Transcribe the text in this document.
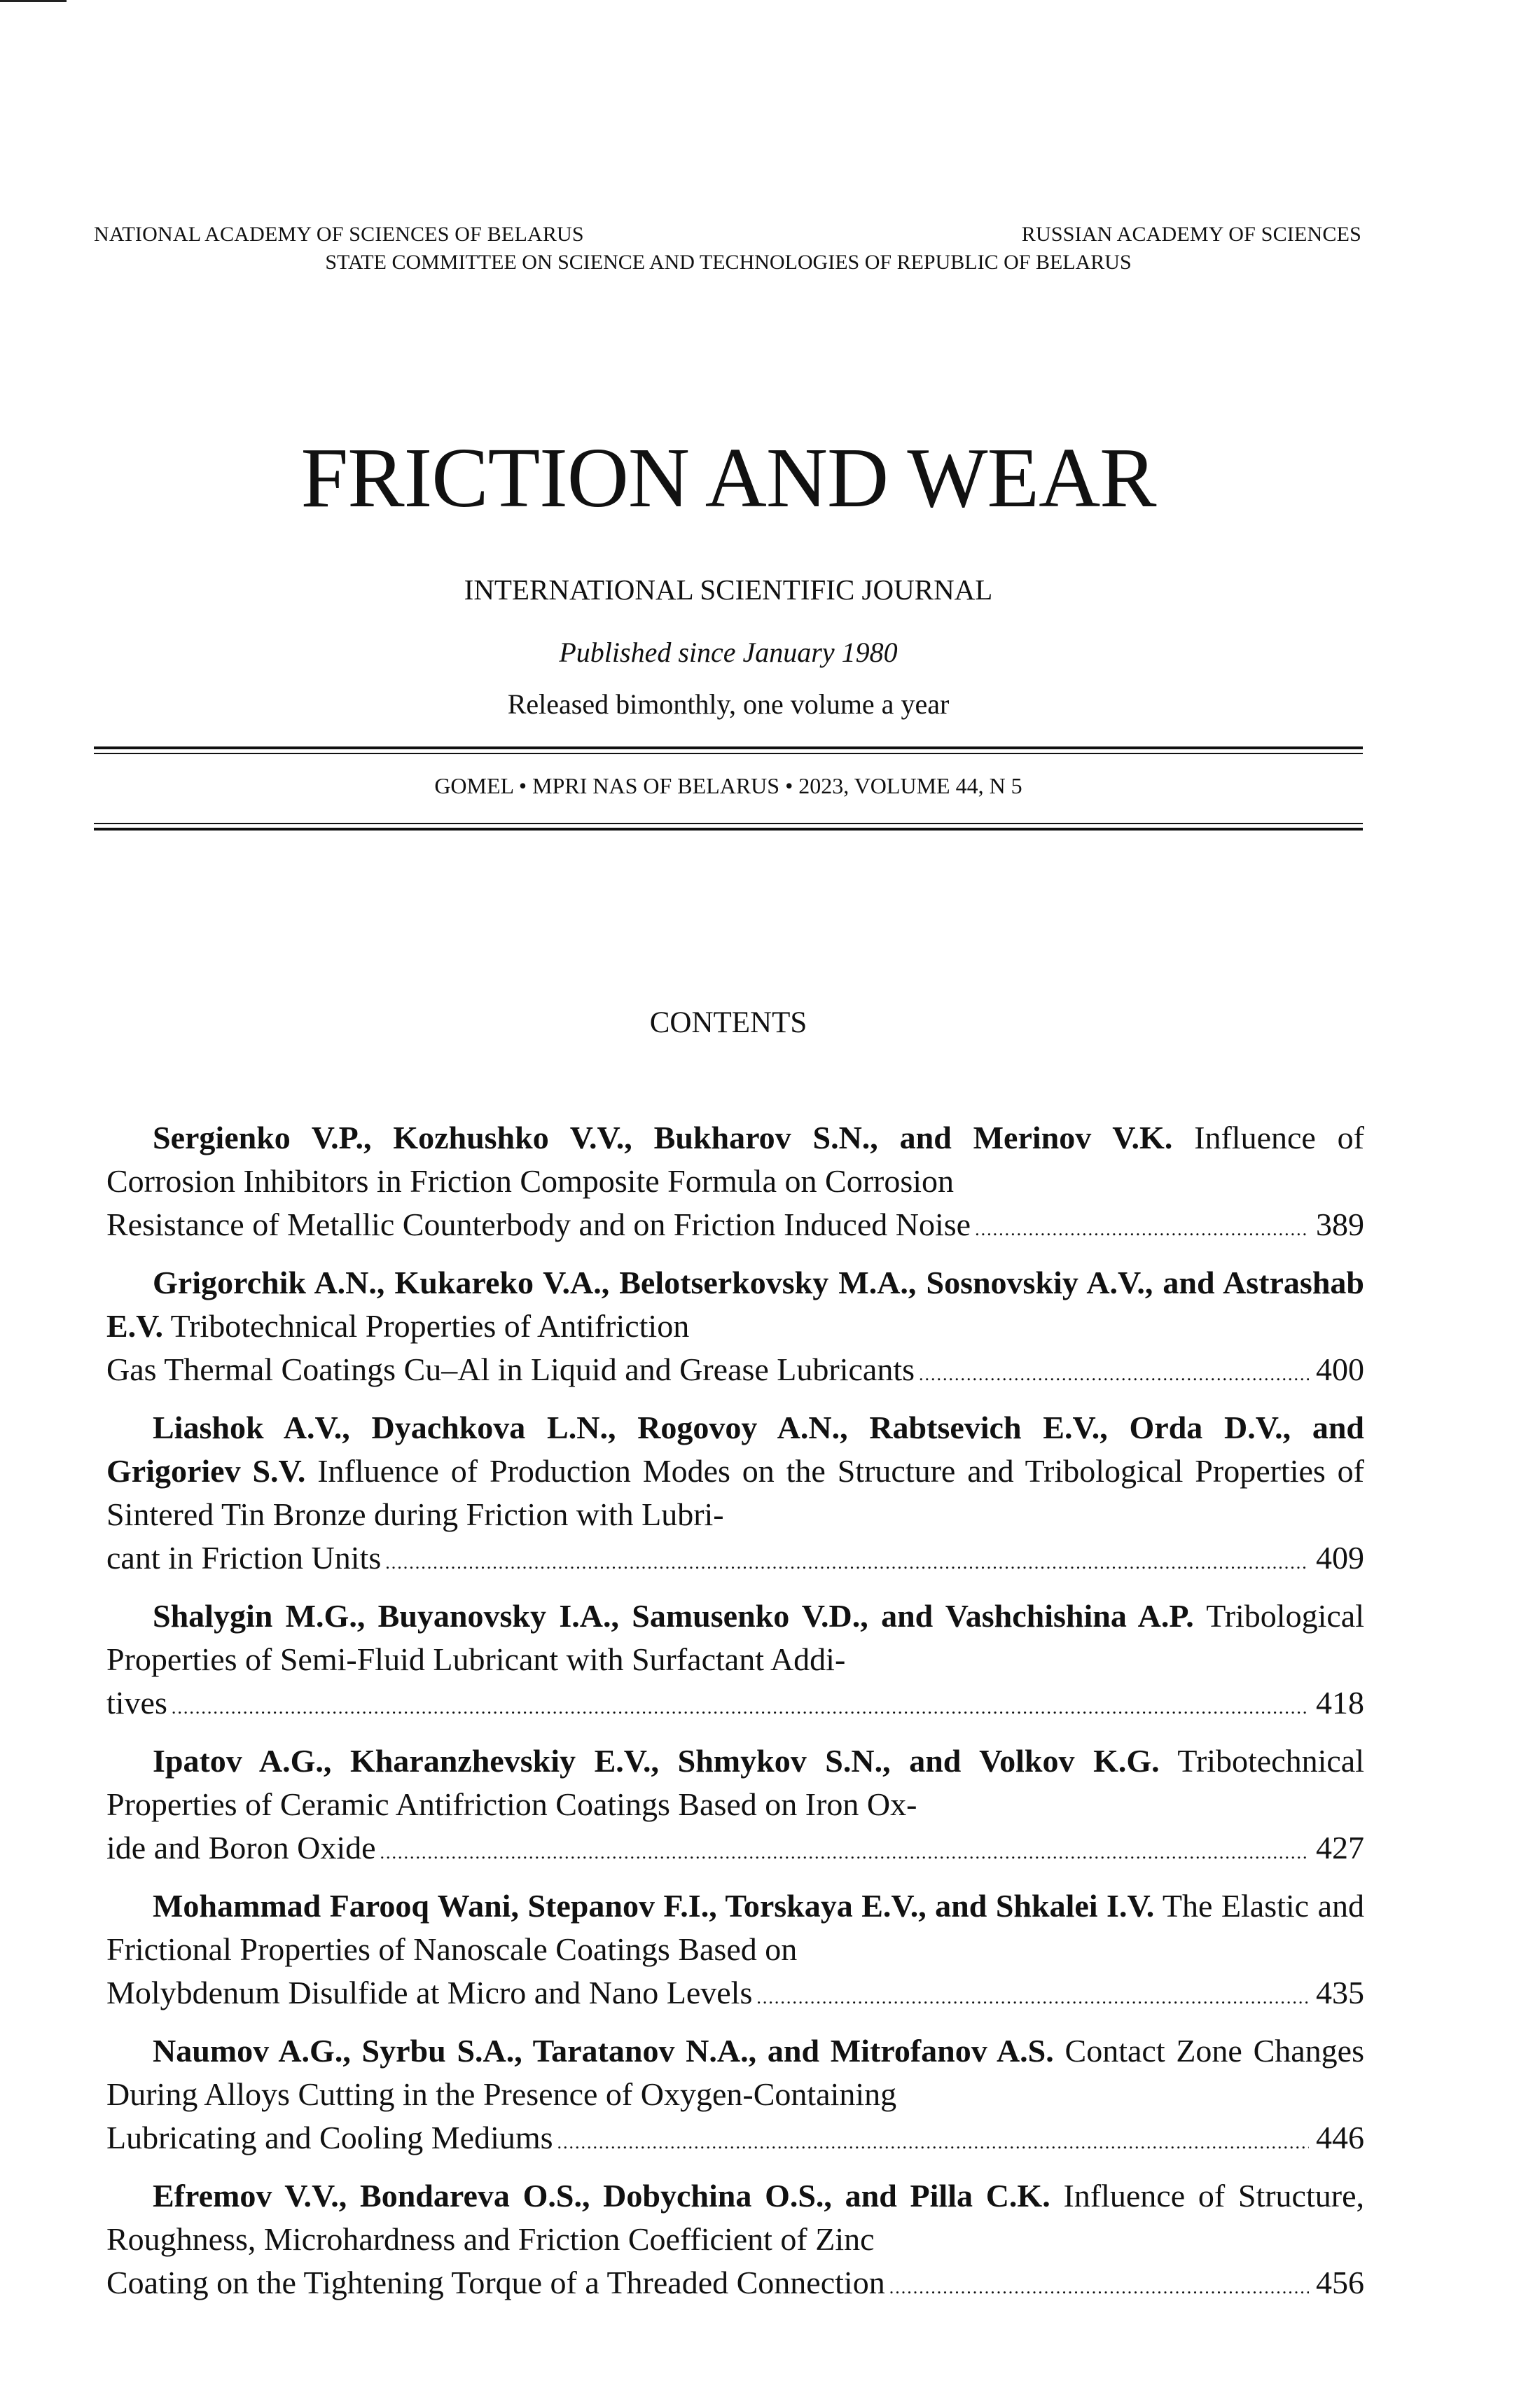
NATIONAL ACADEMY OF SCIENCES OF BELARUS	RUSSIAN ACADEMY OF SCIENCES
STATE COMMITTEE ON SCIENCE AND TECHNOLOGIES OF REPUBLIC OF BELARUS
FRICTION AND WEAR
INTERNATIONAL SCIENTIFIC JOURNAL
Published since January 1980
Released bimonthly, one volume a year
GOMEL • MPRI NAS OF BELARUS • 2023, VOLUME 44, N 5
CONTENTS
Sergienko V.P., Kozhushko V.V., Bukharov S.N., and Merinov V.K. Influence of Corrosion Inhibitors in Friction Composite Formula on Corrosion
Resistance of Metallic Counterbody and on Friction Induced Noise .....	389
Grigorchik A.N., Kukareko V.A., Belotserkovsky M.A., Sosnovskiy A.V., and Astrashab E.V. Tribotechnical Properties of Antifriction
Gas Thermal Coatings Cu–Al in Liquid and Grease Lubricants .....	400
Liashok A.V., Dyachkova L.N., Rogovoy A.N., Rabtsevich E.V., Orda D.V., and Grigoriev S.V. Influence of Production Modes on the Structure and Tribological Properties of Sintered Tin Bronze during Friction with Lubri-
cant in Friction Units .....	409
Shalygin M.G., Buyanovsky I.A., Samusenko V.D., and Vashchishina A.P. Tribological Properties of Semi-Fluid Lubricant with Surfactant Addi-
tives .....	418
Ipatov A.G., Kharanzhevskiy E.V., Shmykov S.N., and Volkov K.G. Tribotechnical Properties of Ceramic Antifriction Coatings Based on Iron Ox-
ide and Boron Oxide .....	427
Mohammad Farooq Wani, Stepanov F.I., Torskaya E.V., and Shkalei I.V. The Elastic and Frictional Properties of Nanoscale Coatings Based on
Molybdenum Disulfide at Micro and Nano Levels .....	435
Naumov A.G., Syrbu S.A., Taratanov N.A., and Mitrofanov A.S. Contact Zone Changes During Alloys Cutting in the Presence of Oxygen-Containing
Lubricating and Cooling Mediums .....	446
Efremov V.V., Bondareva O.S., Dobychina O.S., and Pilla C.K. Influence of Structure, Roughness, Microhardness and Friction Coefficient of Zinc
Coating on the Tightening Torque of a Threaded Connection .....	456
